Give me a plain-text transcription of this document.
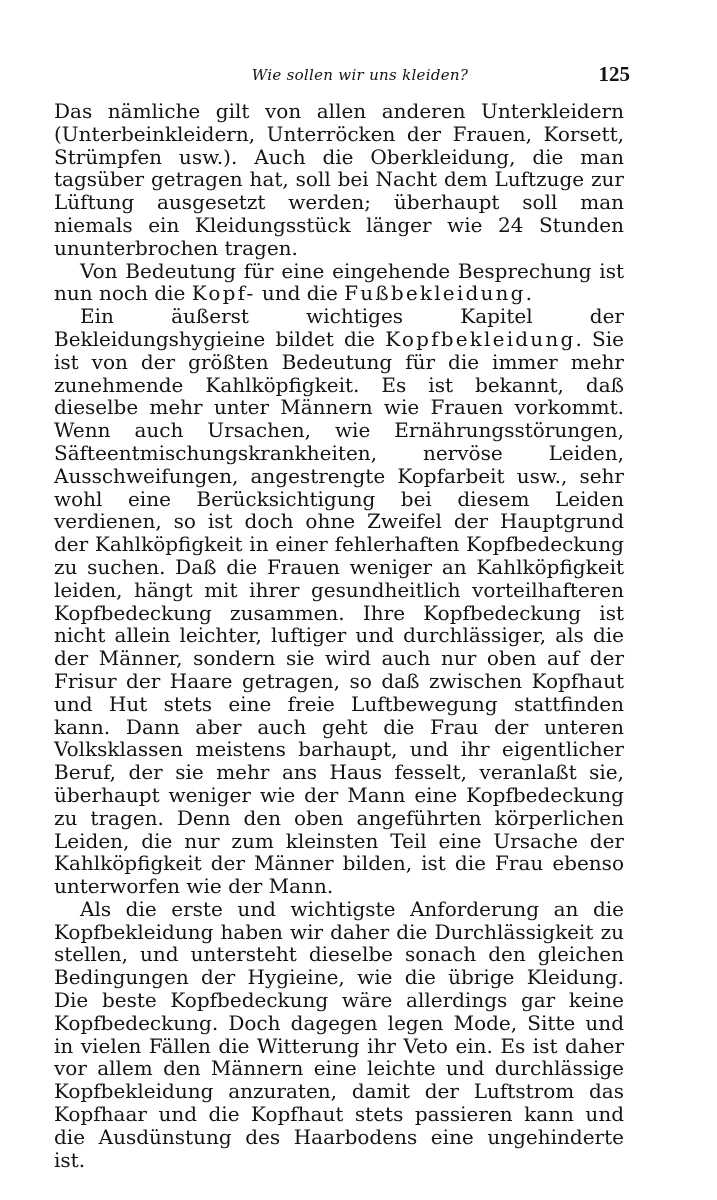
Wie sollen wir uns kleiden?	125

Das nämliche gilt von allen anderen Unterkleidern (Unterbeinkleidern, Unterröcken der Frauen, Korsett, Strümpfen usw.). Auch die Oberkleidung, die man tagsüber getragen hat, soll bei Nacht dem Luftzuge zur Lüftung ausgesetzt werden; überhaupt soll man niemals ein Kleidungsstück länger wie 24 Stunden ununterbrochen tragen.

Von Bedeutung für eine eingehende Besprechung ist nun noch die Kopf- und die Fußbekleidung.

Ein äußerst wichtiges Kapitel der Bekleidungshygieine bildet die Kopfbekleidung. Sie ist von der größten Bedeutung für die immer mehr zunehmende Kahlköpfigkeit. Es ist bekannt, daß dieselbe mehr unter Männern wie Frauen vorkommt. Wenn auch Ursachen, wie Ernährungsstörungen, Säfteentmischungskrankheiten, nervöse Leiden, Ausschweifungen, angestrengte Kopfarbeit usw., sehr wohl eine Berücksichtigung bei diesem Leiden verdienen, so ist doch ohne Zweifel der Hauptgrund der Kahlköpfigkeit in einer fehlerhaften Kopfbedeckung zu suchen. Daß die Frauen weniger an Kahlköpfigkeit leiden, hängt mit ihrer gesundheitlich vorteilhafteren Kopfbedeckung zusammen. Ihre Kopfbedeckung ist nicht allein leichter, luftiger und durchlässiger, als die der Männer, sondern sie wird auch nur oben auf der Frisur der Haare getragen, so daß zwischen Kopfhaut und Hut stets eine freie Luftbewegung stattfinden kann. Dann aber auch geht die Frau der unteren Volksklassen meistens barhaupt, und ihr eigentlicher Beruf, der sie mehr ans Haus fesselt, veranlaßt sie, überhaupt weniger wie der Mann eine Kopfbedeckung zu tragen. Denn den oben angeführten körperlichen Leiden, die nur zum kleinsten Teil eine Ursache der Kahlköpfigkeit der Männer bilden, ist die Frau ebenso unterworfen wie der Mann.

Als die erste und wichtigste Anforderung an die Kopfbekleidung haben wir daher die Durchlässigkeit zu stellen, und untersteht dieselbe sonach den gleichen Bedingungen der Hygieine, wie die übrige Kleidung. Die beste Kopfbedeckung wäre allerdings gar keine Kopfbedeckung. Doch dagegen legen Mode, Sitte und in vielen Fällen die Witterung ihr Veto ein. Es ist daher vor allem den Männern eine leichte und durchlässige Kopfbekleidung anzuraten, damit der Luftstrom das Kopfhaar und die Kopfhaut stets passieren kann und die Ausdünstung des Haarbodens eine ungehinderte ist.
